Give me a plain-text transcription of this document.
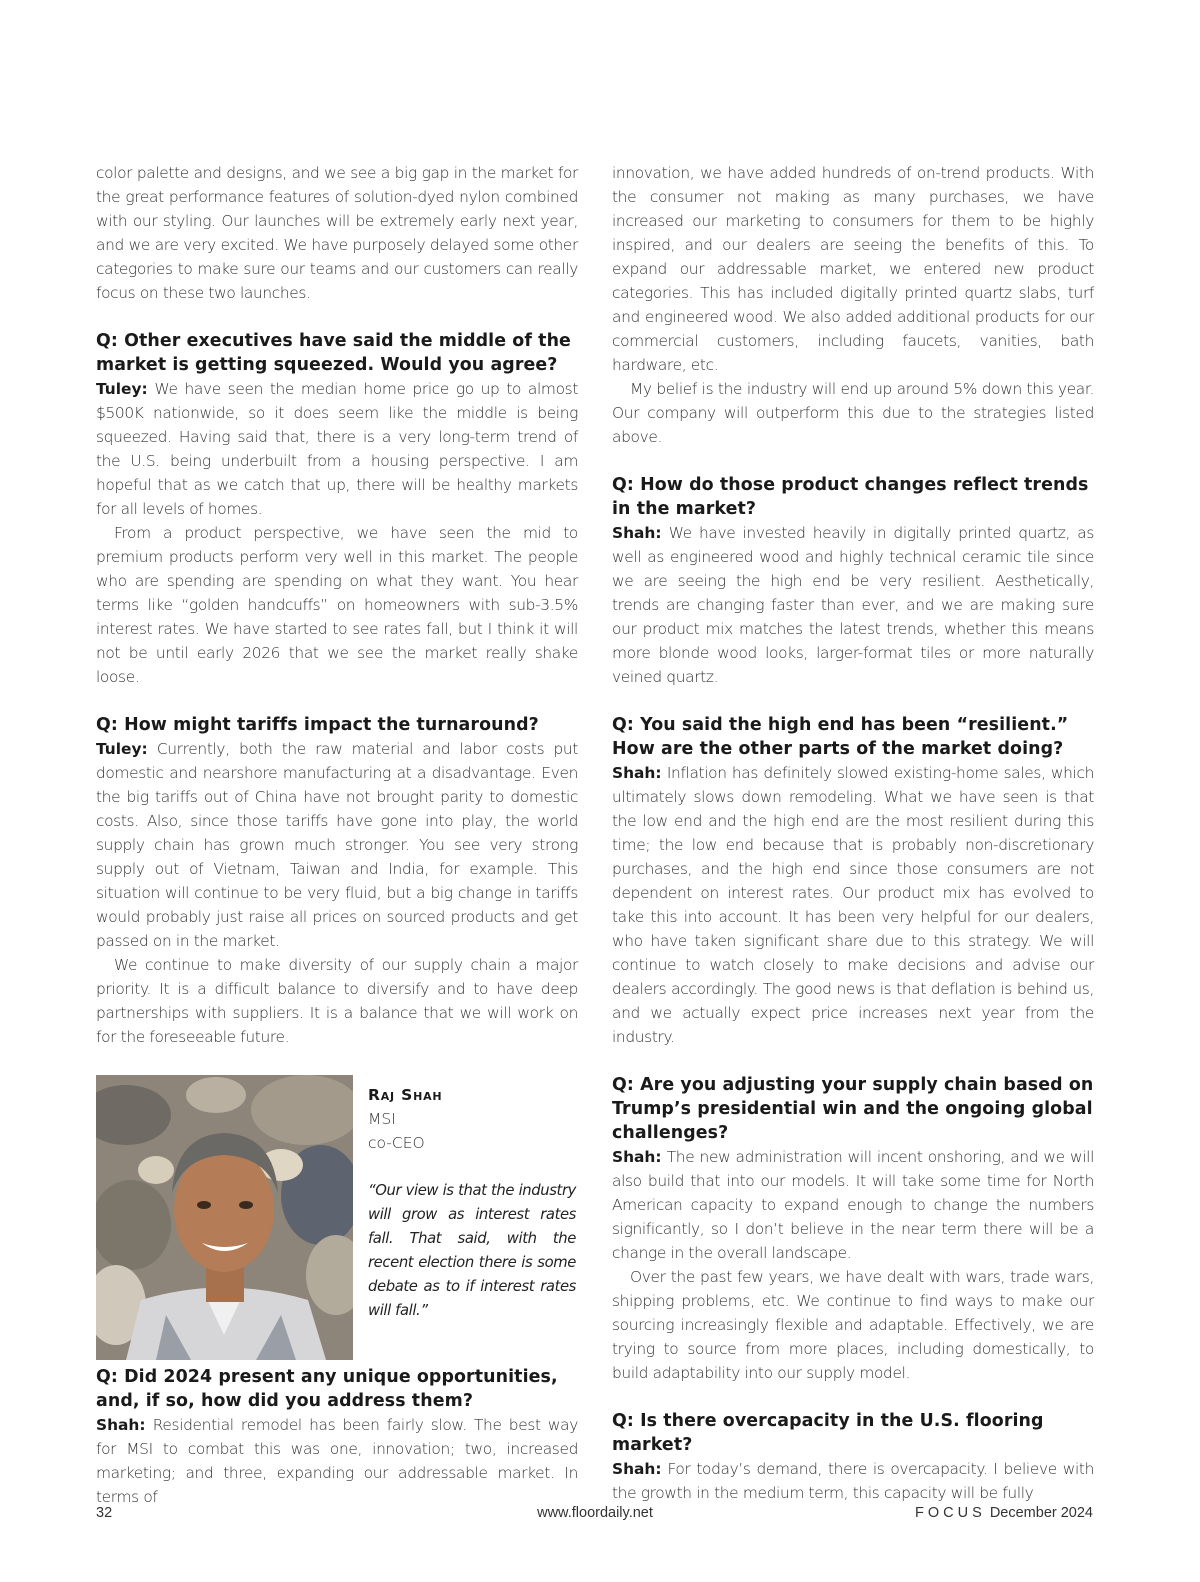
color palette and designs, and we see a big gap in the market for the great performance features of solution-dyed nylon combined with our styling. Our launches will be extremely early next year, and we are very excited. We have purposely delayed some other categories to make sure our teams and our customers can really focus on these two launches.

Q: Other executives have said the middle of the market is getting squeezed. Would you agree?

Tuley: We have seen the median home price go up to almost $500K nationwide, so it does seem like the middle is being squeezed. Having said that, there is a very long-term trend of the U.S. being underbuilt from a housing perspective. I am hopeful that as we catch that up, there will be healthy markets for all levels of homes.

From a product perspective, we have seen the mid to premium products perform very well in this market. The people who are spending are spending on what they want. You hear terms like “golden handcuffs” on homeowners with sub-3.5% interest rates. We have started to see rates fall, but I think it will not be until early 2026 that we see the market really shake loose.

Q: How might tariffs impact the turnaround?

Tuley: Currently, both the raw material and labor costs put domestic and nearshore manufacturing at a disadvantage. Even the big tariffs out of China have not brought parity to domestic costs. Also, since those tariffs have gone into play, the world supply chain has grown much stronger. You see very strong supply out of Vietnam, Taiwan and India, for example. This situation will continue to be very fluid, but a big change in tariffs would probably just raise all prices on sourced products and get passed on in the market.

We continue to make diversity of our supply chain a major priority. It is a difficult balance to diversify and to have deep partnerships with suppliers. It is a balance that we will work on for the foreseeable future.

Raj Shah
MSI
co-CEO
“Our view is that the industry will grow as interest rates fall. That said, with the recent election there is some debate as to if interest rates will fall.”

Q: Did 2024 present any unique opportunities, and, if so, how did you address them?

Shah: Residential remodel has been fairly slow. The best way for MSI to combat this was one, innovation; two, increased marketing; and three, expanding our addressable market. In terms of

innovation, we have added hundreds of on-trend products. With the consumer not making as many purchases, we have increased our marketing to consumers for them to be highly inspired, and our dealers are seeing the benefits of this. To expand our addressable market, we entered new product categories. This has included digitally printed quartz slabs, turf and engineered wood. We also added additional products for our commercial customers, including faucets, vanities, bath hardware, etc.

My belief is the industry will end up around 5% down this year. Our company will outperform this due to the strategies listed above.

Q: How do those product changes reflect trends in the market?

Shah: We have invested heavily in digitally printed quartz, as well as engineered wood and highly technical ceramic tile since we are seeing the high end be very resilient. Aesthetically, trends are changing faster than ever, and we are making sure our product mix matches the latest trends, whether this means more blonde wood looks, larger-format tiles or more naturally veined quartz.

Q: You said the high end has been “resilient.” How are the other parts of the market doing?

Shah: Inflation has definitely slowed existing-home sales, which ultimately slows down remodeling. What we have seen is that the low end and the high end are the most resilient during this time; the low end because that is probably non-discretionary purchases, and the high end since those consumers are not dependent on interest rates. Our product mix has evolved to take this into account. It has been very helpful for our dealers, who have taken significant share due to this strategy. We will continue to watch closely to make decisions and advise our dealers accordingly. The good news is that deflation is behind us, and we actually expect price increases next year from the industry.

Q: Are you adjusting your supply chain based on Trump’s presidential win and the ongoing global challenges?

Shah: The new administration will incent onshoring, and we will also build that into our models. It will take some time for North American capacity to expand enough to change the numbers significantly, so I don’t believe in the near term there will be a change in the overall landscape.

Over the past few years, we have dealt with wars, trade wars, shipping problems, etc. We continue to find ways to make our sourcing increasingly flexible and adaptable. Effectively, we are trying to source from more places, including domestically, to build adaptability into our supply model.

Q: Is there overcapacity in the U.S. flooring market?

Shah: For today’s demand, there is overcapacity. I believe with the growth in the medium term, this capacity will be fully

32	www.floordaily.net	FOCUS December 2024
